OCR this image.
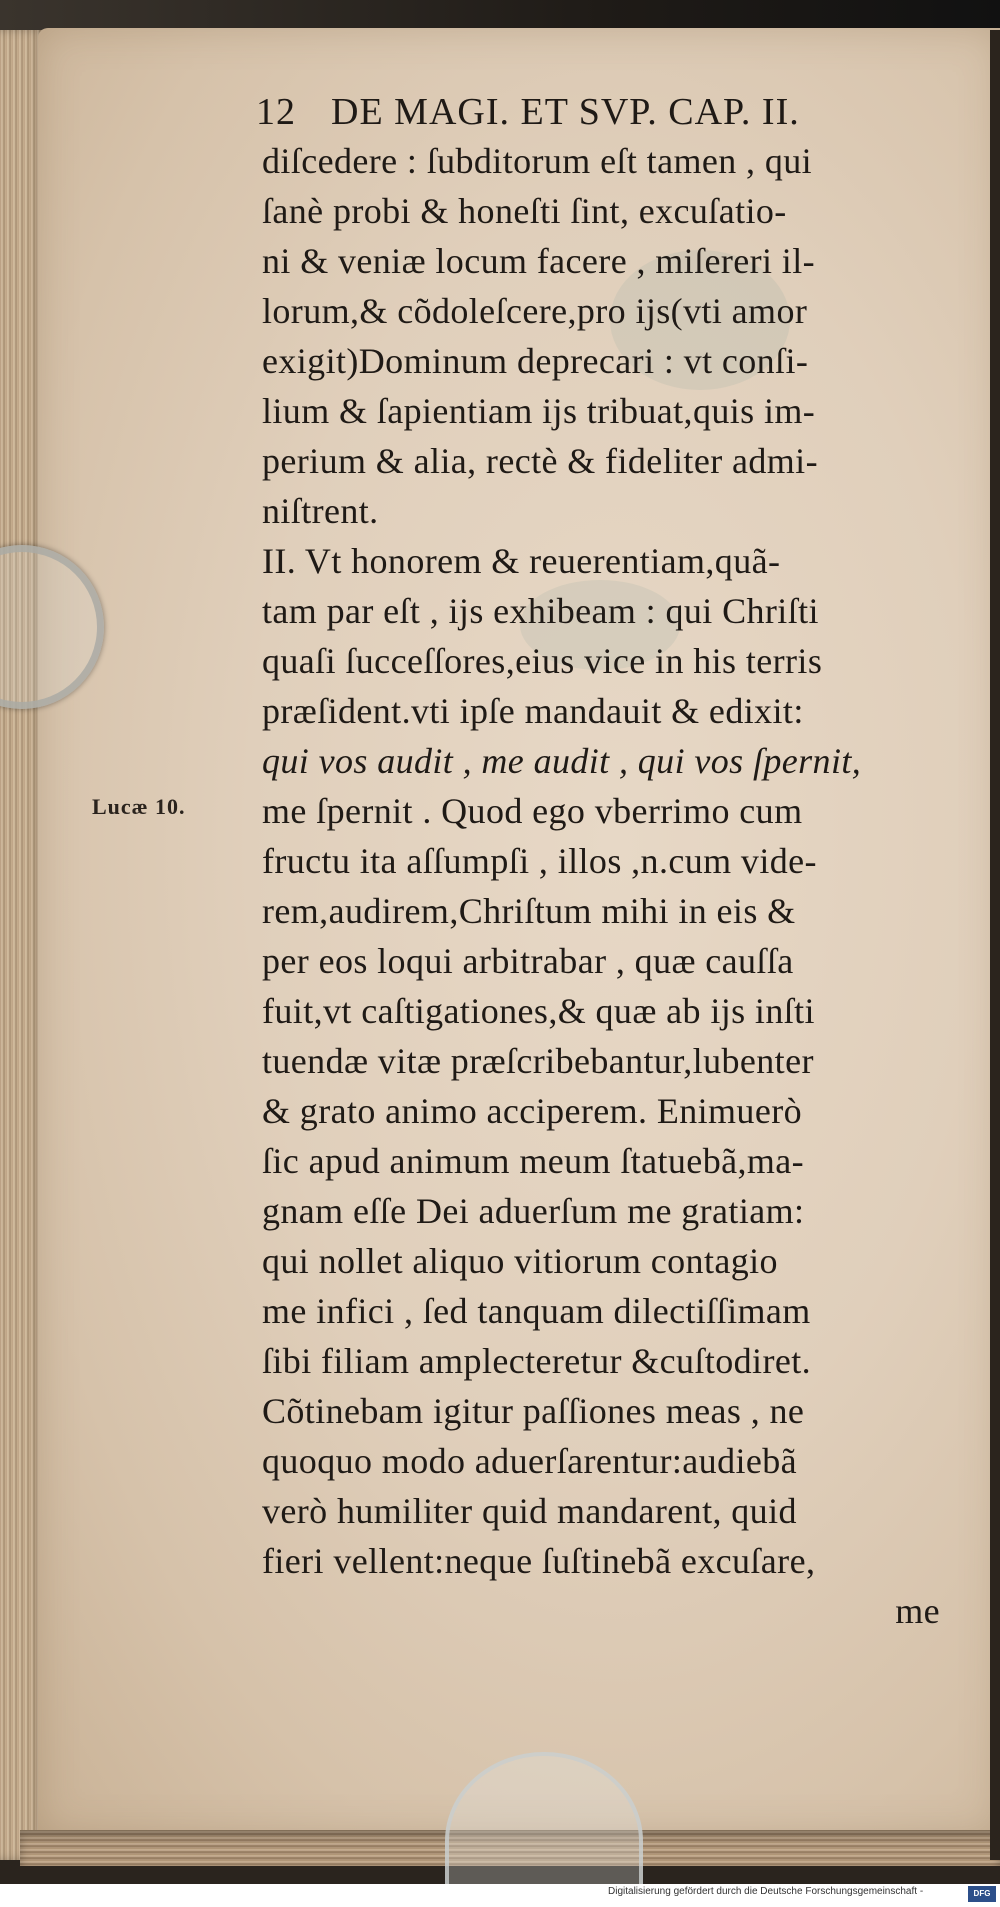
Lucæ 10.
12 DE MAGI. ET SVP. CAP. II.
diſcedere : ſubditorum eſt tamen , qui
ſanè probi & honeſti ſint, excuſatio-
ni & veniæ locum facere , miſereri il-
lorum,& cõdoleſcere,pro ijs(vti amor
exigit)Dominum deprecari : vt conſi-
lium & ſapientiam ijs tribuat,quis im-
perium & alia, rectè & fideliter admi-
niſtrent.
II. Vt honorem & reuerentiam,quã-
tam par eſt , ijs exhibeam : qui Chriſti
quaſi ſucceſſores,eius vice in his terris
præſident.vti ipſe mandauit & edixit:
qui vos audit , me audit , qui vos ſpernit,
me ſpernit . Quod ego vberrimo cum
fructu ita aſſumpſi , illos ,n.cum vide-
rem,audirem,Chriſtum mihi in eis &
per eos loqui arbitrabar , quæ cauſſa
fuit,vt caſtigationes,& quæ ab ijs inſti
tuendæ vitæ præſcribebantur,lubenter
& grato animo acciperem. Enimuerò
ſic apud animum meum ſtatuebã,ma-
gnam eſſe Dei aduerſum me gratiam:
qui nollet aliquo vitiorum contagio
me infici , ſed tanquam dilectiſſimam
ſibi filiam amplecteretur &cuſtodiret.
Cõtinebam igitur paſſiones meas , ne
quoquo modo aduerſarentur:audiebã
verò humiliter quid mandarent, quid
fieri vellent:neque ſuſtinebã excuſare,
me
Digitalisierung gefördert durch die Deutsche Forschungsgemeinschaft -	DFG
